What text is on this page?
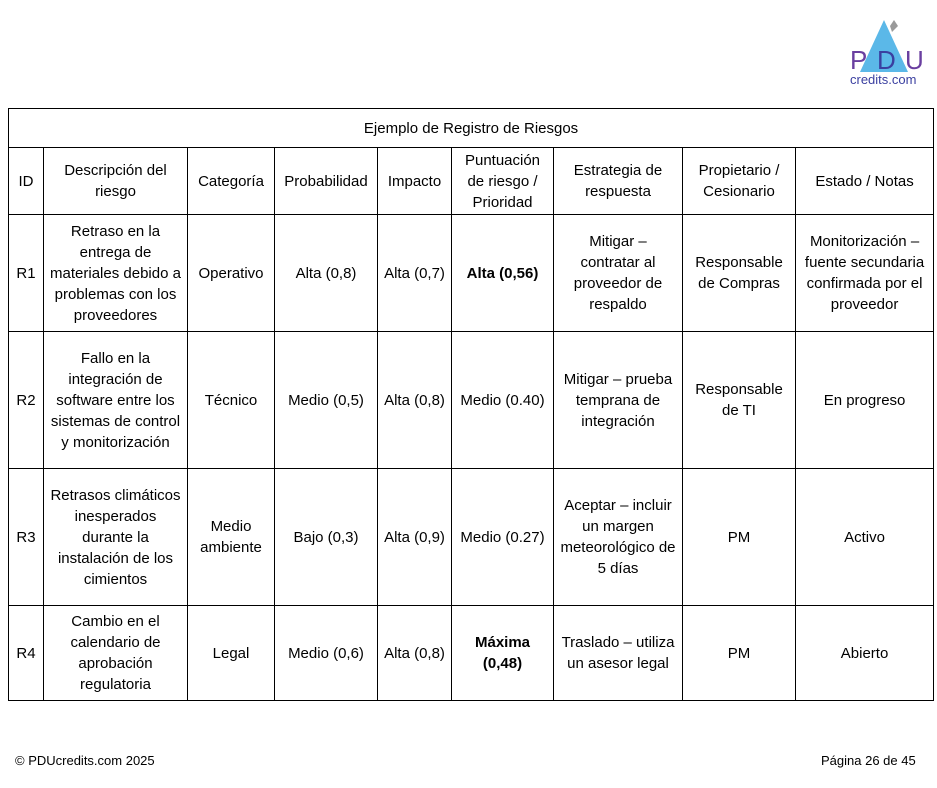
P D U
credits.com
Ejemplo de Registro de Riesgos								
ID	Descripción del riesgo	Categoría	Probabilidad	Impacto	Puntuación de riesgo / Prioridad	Estrategia de respuesta	Propietario / Cesionario	Estado / Notas
R1	Retraso en la entrega de materiales debido a problemas con los proveedores	Operativo	Alta (0,8)	Alta (0,7)	Alta (0,56)	Mitigar – contratar al proveedor de respaldo	Responsable de Compras	Monitorización – fuente secundaria confirmada por el proveedor
R2	Fallo en la integración de software entre los sistemas de control y monitorización	Técnico	Medio (0,5)	Alta (0,8)	Medio (0.40)	Mitigar – prueba temprana de integración	Responsable de TI	En progreso
R3	Retrasos climáticos inesperados durante la instalación de los cimientos	Medio ambiente	Bajo (0,3)	Alta (0,9)	Medio (0.27)	Aceptar – incluir un margen meteorológico de 5 días	PM	Activo
R4	Cambio en el calendario de aprobación regulatoria	Legal	Medio (0,6)	Alta (0,8)	Máxima (0,48)	Traslado – utiliza un asesor legal	PM	Abierto
© PDUcredits.com 2025	Página 26 de 45
